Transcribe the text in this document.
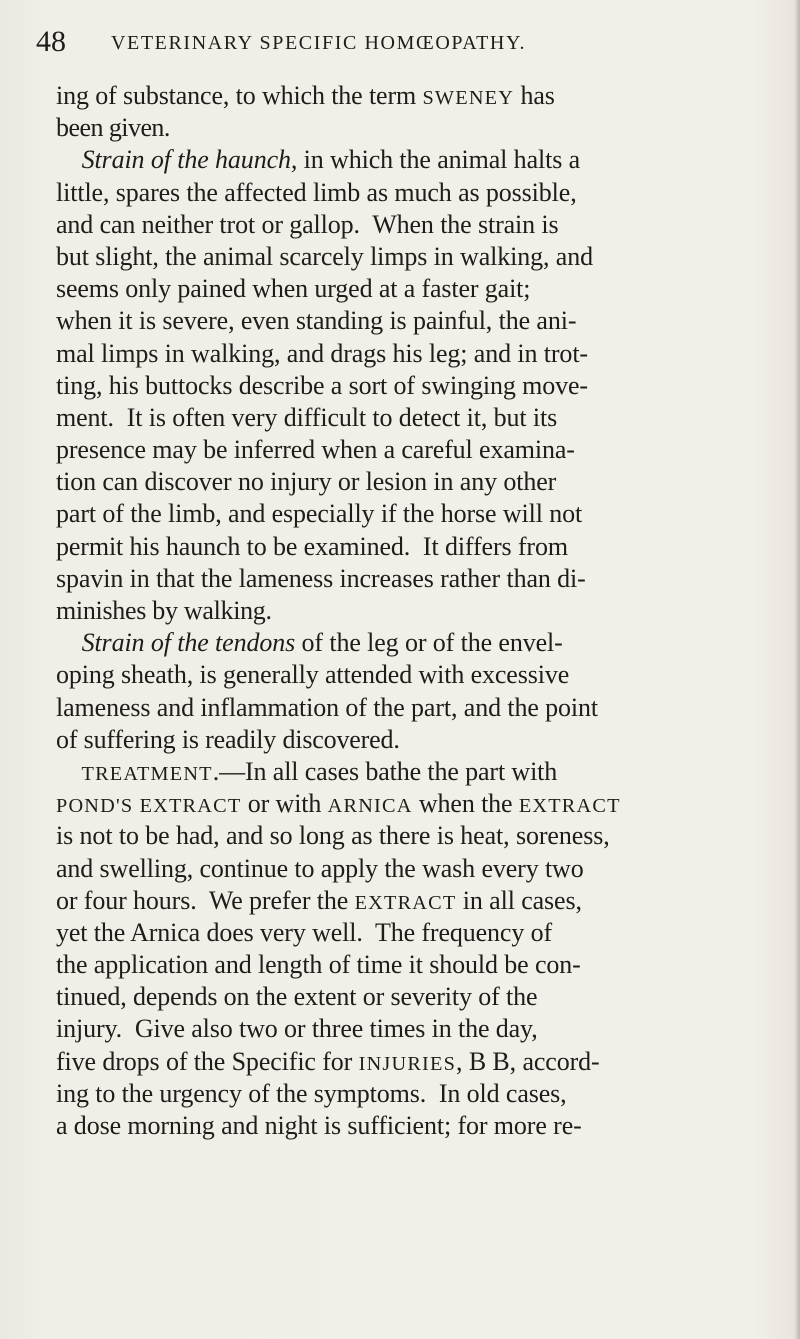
48 VETERINARY SPECIFIC HOMŒOPATHY.
ing of substance, to which the term SWENEY has
been given.
Strain of the haunch, in which the animal halts a
little, spares the affected limb as much as possible,
and can neither trot or gallop.  When the strain is
but slight, the animal scarcely limps in walking, and
seems only pained when urged at a faster gait;
when it is severe, even standing is painful, the ani-
mal limps in walking, and drags his leg; and in trot-
ting, his buttocks describe a sort of swinging move-
ment.  It is often very difficult to detect it, but its
presence may be inferred when a careful examina-
tion can discover no injury or lesion in any other
part of the limb, and especially if the horse will not
permit his haunch to be examined.  It differs from
spavin in that the lameness increases rather than di-
minishes by walking.
Strain of the tendons of the leg or of the envel-
oping sheath, is generally attended with excessive
lameness and inflammation of the part, and the point
of suffering is readily discovered.
TREATMENT.—In all cases bathe the part with
POND'S EXTRACT or with ARNICA when the EXTRACT
is not to be had, and so long as there is heat, soreness,
and swelling, continue to apply the wash every two
or four hours.  We prefer the EXTRACT in all cases,
yet the Arnica does very well.  The frequency of
the application and length of time it should be con-
tinued, depends on the extent or severity of the
injury.  Give also two or three times in the day,
five drops of the Specific for INJURIES, B B, accord-
ing to the urgency of the symptoms.  In old cases,
a dose morning and night is sufficient; for more re-
